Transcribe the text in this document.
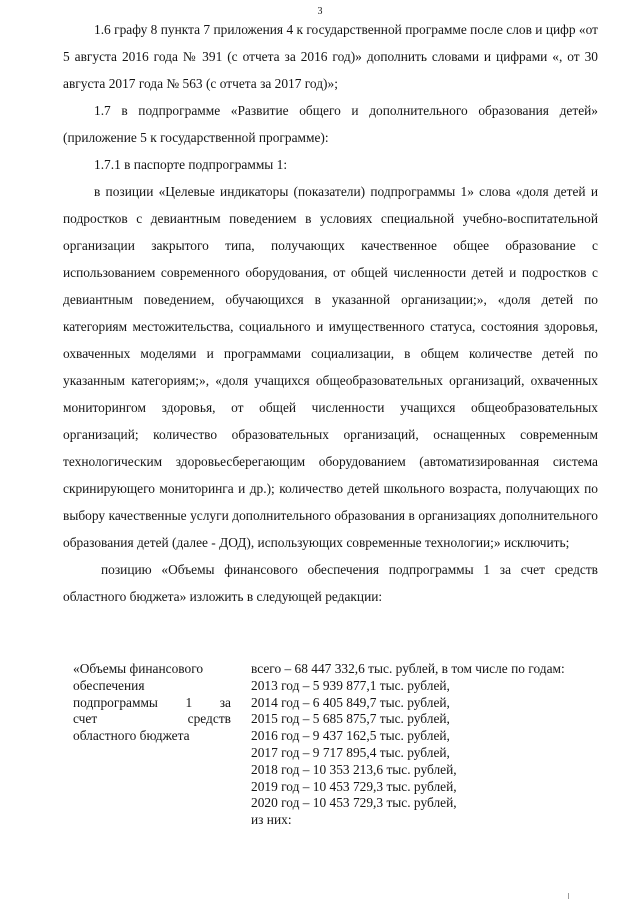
3

1.6 графу 8 пункта 7 приложения 4 к государственной программе после слов и цифр «от 5 августа 2016 года № 391 (с отчета за 2016 год)» дополнить словами и цифрами «, от 30 августа 2017 года № 563 (с отчета за 2017 год)»;

1.7 в подпрограмме «Развитие общего и дополнительного образования детей» (приложение 5 к государственной программе):

1.7.1 в паспорте подпрограммы 1:

в позиции «Целевые индикаторы (показатели) подпрограммы 1» слова «доля детей и подростков с девиантным поведением в условиях специальной учебно-воспитательной организации закрытого типа, получающих качественное общее образование с использованием современного оборудования, от общей численности детей и подростков с девиантным поведением, обучающихся в указанной организации;», «доля детей по категориям местожительства, социального и имущественного статуса, состояния здоровья, охваченных моделями и программами социализации, в общем количестве детей по указанным категориям;», «доля учащихся общеобразовательных организаций, охваченных мониторингом здоровья, от общей численности учащихся общеобразовательных организаций; количество образовательных организаций, оснащенных современным технологическим здоровьесберегающим оборудованием (автоматизированная система скринирующего мониторинга и др.); количество детей школьного возраста, получающих по выбору качественные услуги дополнительного образования в организациях дополнительного образования детей (далее - ДОД), использующих современные технологии;» исключить;

позицию «Объемы финансового обеспечения подпрограммы 1 за счет средств областного бюджета» изложить в следующей редакции:

«Объемы финансового
обеспечения
подпрограммы 1 за
счет	средств
областного бюджета
всего – 68 447 332,6 тыс. рублей, в том числе по годам:
2013 год – 5 939 877,1 тыс. рублей,
2014 год – 6 405 849,7 тыс. рублей,
2015 год – 5 685 875,7 тыс. рублей,
2016 год – 9 437 162,5 тыс. рублей,
2017 год – 9 717 895,4 тыс. рублей,
2018 год – 10 353 213,6 тыс. рублей,
2019 год – 10 453 729,3 тыс. рублей,
2020 год – 10 453 729,3 тыс. рублей,
из них:
